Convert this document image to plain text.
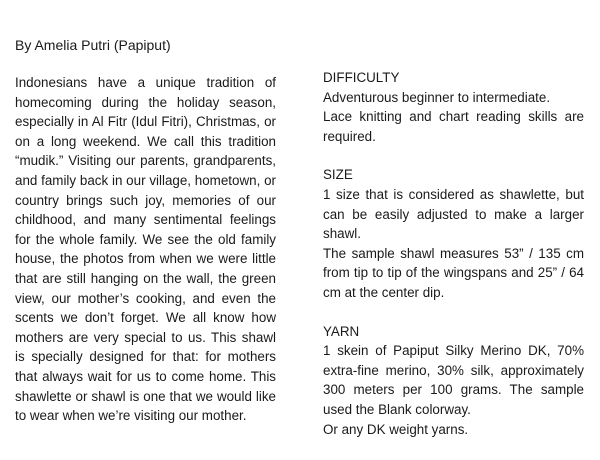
By Amelia Putri (Papiput)

Indonesians have a unique tradition of homecoming during the holiday season, especially in Al Fitr (Idul Fitri), Christmas, or on a long weekend. We call this tradition “mudik.” Visiting our parents, grandparents, and family back in our village, hometown, or country brings such joy, memories of our childhood, and many sentimental feelings for the whole family. We see the old family house, the photos from when we were little that are still hanging on the wall, the green view, our mother’s cooking, and even the scents we don’t forget. We all know how mothers are very special to us. This shawl is specially designed for that: for mothers that always wait for us to come home. This shawlette or shawl is one that we would like to wear when we’re visiting our mother.

DIFFICULTY

Adventurous beginner to intermediate.

Lace knitting and chart reading skills are required.

SIZE

1 size that is considered as shawlette, but can be easily adjusted to make a larger shawl.

The sample shawl measures 53” / 135 cm from tip to tip of the wingspans and 25” / 64 cm at the center dip.

YARN

1 skein of Papiput Silky Merino DK, 70% extra-fine merino, 30% silk, approximately 300 meters per 100 grams. The sample used the Blank colorway.

Or any DK weight yarns.
